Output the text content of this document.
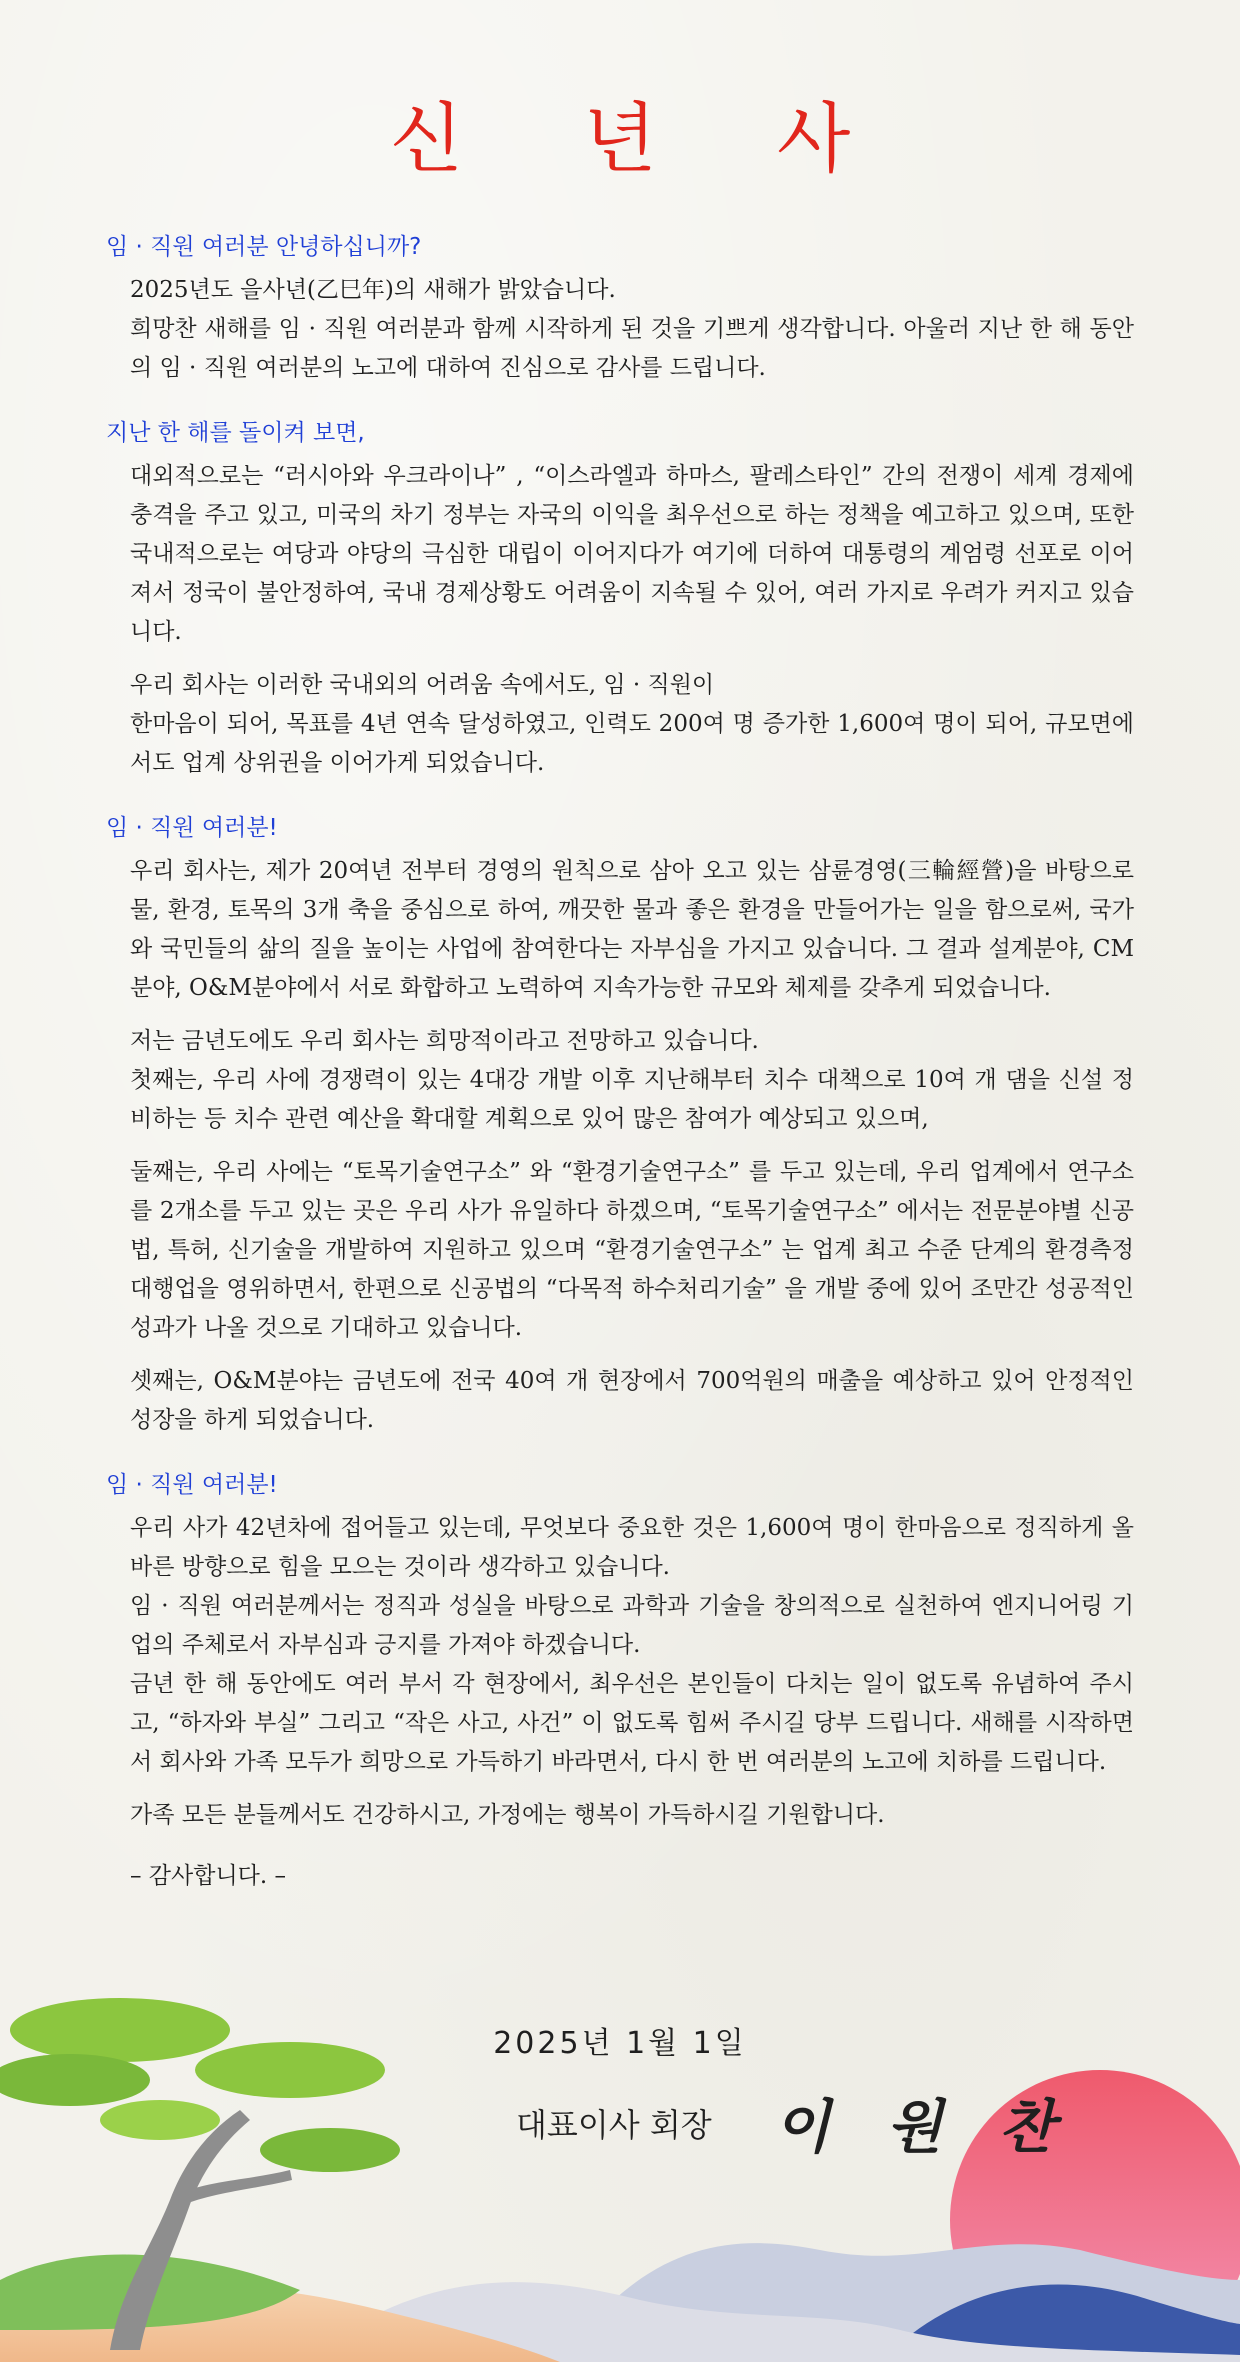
신 년 사
임 · 직원 여러분 안녕하십니까?

2025년도 을사년(乙巳年)의 새해가 밝았습니다.

희망찬 새해를 임 · 직원 여러분과 함께 시작하게 된 것을 기쁘게 생각합니다. 아울러 지난 한 해 동안의 임 · 직원 여러분의 노고에 대하여 진심으로 감사를 드립니다.

지난 한 해를 돌이켜 보면,

대외적으로는 “러시아와 우크라이나” , “이스라엘과 하마스, 팔레스타인” 간의 전쟁이 세계 경제에 충격을 주고 있고, 미국의 차기 정부는 자국의 이익을 최우선으로 하는 정책을 예고하고 있으며, 또한 국내적으로는 여당과 야당의 극심한 대립이 이어지다가 여기에 더하여 대통령의 계엄령 선포로 이어져서 정국이 불안정하여, 국내 경제상황도 어려움이 지속될 수 있어, 여러 가지로 우려가 커지고 있습니다.

우리 회사는 이러한 국내외의 어려움 속에서도, 임 · 직원이

한마음이 되어, 목표를 4년 연속 달성하였고, 인력도 200여 명 증가한 1,600여 명이 되어, 규모면에서도 업계 상위권을 이어가게 되었습니다.

임 · 직원 여러분!

우리 회사는, 제가 20여년 전부터 경영의 원칙으로 삼아 오고 있는 삼륜경영(三輪經營)을 바탕으로 물, 환경, 토목의 3개 축을 중심으로 하여, 깨끗한 물과 좋은 환경을 만들어가는 일을 함으로써, 국가와 국민들의 삶의 질을 높이는 사업에 참여한다는 자부심을 가지고 있습니다. 그 결과 설계분야, CM분야, O&M분야에서 서로 화합하고 노력하여 지속가능한 규모와 체제를 갖추게 되었습니다.

저는 금년도에도 우리 회사는 희망적이라고 전망하고 있습니다.

첫째는, 우리 사에 경쟁력이 있는 4대강 개발 이후 지난해부터 치수 대책으로 10여 개 댐을 신설 정비하는 등 치수 관련 예산을 확대할 계획으로 있어 많은 참여가 예상되고 있으며,

둘째는, 우리 사에는 “토목기술연구소” 와 “환경기술연구소” 를 두고 있는데, 우리 업계에서 연구소를 2개소를 두고 있는 곳은 우리 사가 유일하다 하겠으며, “토목기술연구소” 에서는 전문분야별 신공법, 특허, 신기술을 개발하여 지원하고 있으며 “환경기술연구소” 는 업계 최고 수준 단계의 환경측정대행업을 영위하면서, 한편으로 신공법의 “다목적 하수처리기술” 을 개발 중에 있어 조만간 성공적인 성과가 나올 것으로 기대하고 있습니다.

셋째는, O&M분야는 금년도에 전국 40여 개 현장에서 700억원의 매출을 예상하고 있어 안정적인 성장을 하게 되었습니다.

임 · 직원 여러분!

우리 사가 42년차에 접어들고 있는데, 무엇보다 중요한 것은 1,600여 명이 한마음으로 정직하게 올바른 방향으로 힘을 모으는 것이라 생각하고 있습니다.

임 · 직원 여러분께서는 정직과 성실을 바탕으로 과학과 기술을 창의적으로 실천하여 엔지니어링 기업의 주체로서 자부심과 긍지를 가져야 하겠습니다.

금년 한 해 동안에도 여러 부서 각 현장에서, 최우선은 본인들이 다치는 일이 없도록 유념하여 주시고, “하자와 부실” 그리고 “작은 사고, 사건” 이 없도록 힘써 주시길 당부 드립니다. 새해를 시작하면서 회사와 가족 모두가 희망으로 가득하기 바라면서, 다시 한 번 여러분의 노고에 치하를 드립니다.

가족 모든 분들께서도 건강하시고, 가정에는 행복이 가득하시길 기원합니다.

– 감사합니다. –
2025년 1월 1일
대표이사 회장 이 원 찬
